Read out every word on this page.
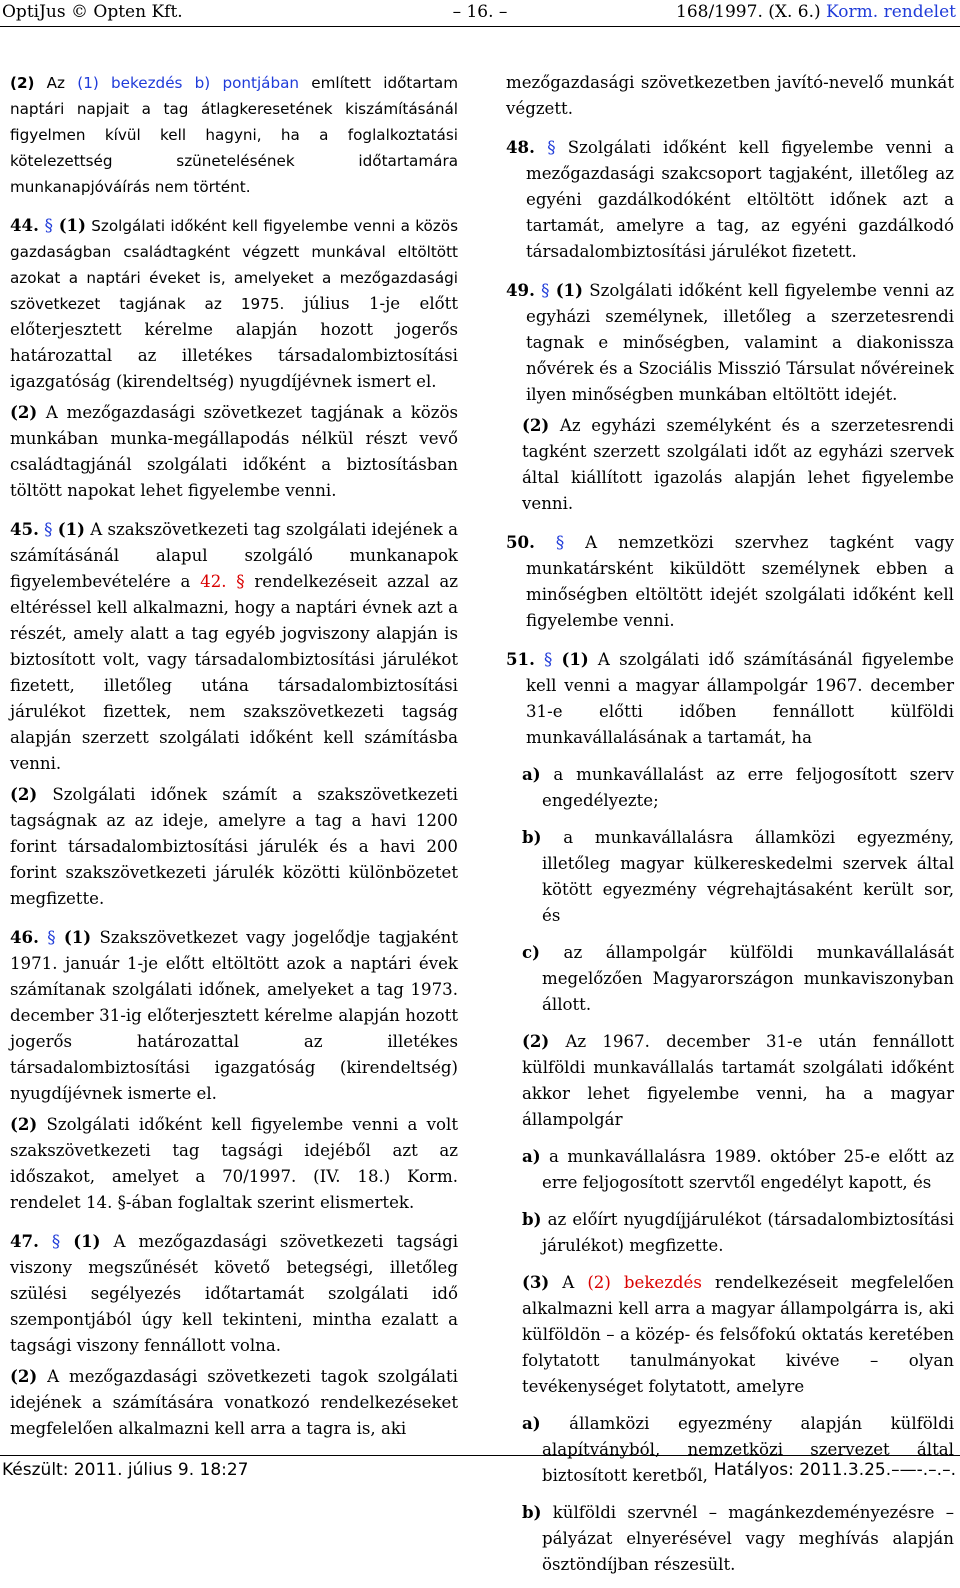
OptiJus © Opten Kft.	– 16. –	168/1997. (X. 6.) Korm. rendelet

(2) Az (1) bekezdés b) pontjában említett időtartam naptári napjait a tag átlagkeresetének kiszámításánál figyelmen kívül kell hagyni, ha a foglalkoztatási kötelezettség szünetelésének időtartamára munkanapjóváírás nem történt.

44. § (1) Szolgálati időként kell figyelembe venni a közös gazdaságban családtagként végzett munkával eltöltött azokat a naptári éveket is, amelyeket a mezőgazdasági szövetkezet tagjának az 1975. július 1-je előtt előterjesztett kérelme alapján hozott jogerős határozattal az illetékes társadalombiztosítási igazgatóság (kirendeltség) nyugdíjévnek ismert el.

(2) A mezőgazdasági szövetkezet tagjának a közös munkában munka-megállapodás nélkül részt vevő családtagjánál szolgálati időként a biztosításban töltött napokat lehet figyelembe venni.

45. § (1) A szakszövetkezeti tag szolgálati idejének a számításánál alapul szolgáló munkanapok figyelembevételére a 42. § rendelkezéseit azzal az eltéréssel kell alkalmazni, hogy a naptári évnek azt a részét, amely alatt a tag egyéb jogviszony alapján is biztosított volt, vagy társadalombiztosítási járulékot fizetett, illetőleg utána társadalombiztosítási járulékot fizettek, nem szakszövetkezeti tagság alapján szerzett szolgálati időként kell számításba venni.

(2) Szolgálati időnek számít a szakszövetkezeti tagságnak az az ideje, amelyre a tag a havi 1200 forint társadalombiztosítási járulék és a havi 200 forint szakszövetkezeti járulék közötti különbözetet megfizette.

46. § (1) Szakszövetkezet vagy jogelődje tagjaként 1971. január 1-je előtt eltöltött azok a naptári évek számítanak szolgálati időnek, amelyeket a tag 1973. december 31-ig előterjesztett kérelme alapján hozott jogerős határozattal az illetékes társadalombiztosítási igazgatóság (kirendeltség) nyugdíjévnek ismerte el.

(2) Szolgálati időként kell figyelembe venni a volt szakszövetkezeti tag tagsági idejéből azt az időszakot, amelyet a 70/1997. (IV. 18.) Korm. rendelet 14. §-ában foglaltak szerint elismertek.

47. § (1) A mezőgazdasági szövetkezeti tagsági viszony megszűnését követő betegségi, illetőleg szülési segélyezés időtartamát szolgálati idő szempontjából úgy kell tekinteni, mintha ezalatt a tagsági viszony fennállott volna.

(2) A mezőgazdasági szövetkezeti tagok szolgálati idejének a számítására vonatkozó rendelkezéseket megfelelően alkalmazni kell arra a tagra is, aki

mezőgazdasági szövetkezetben javító-nevelő munkát végzett.

48. § Szolgálati időként kell figyelembe venni a mezőgazdasági szakcsoport tagjaként, illetőleg az egyéni gazdálkodóként eltöltött időnek azt a tartamát, amelyre a tag, az egyéni gazdálkodó társadalombiztosítási járulékot fizetett.

49. § (1) Szolgálati időként kell figyelembe venni az egyházi személynek, illetőleg a szerzetesrendi tagnak e minőségben, valamint a diakonissza nővérek és a Szociális Misszió Társulat nővéreinek ilyen minőségben munkában eltöltött idejét.

(2) Az egyházi személyként és a szerzetesrendi tagként szerzett szolgálati időt az egyházi szervek által kiállított igazolás alapján lehet figyelembe venni.

50. § A nemzetközi szervhez tagként vagy munkatársként kiküldött személynek ebben a minőségben eltöltött idejét szolgálati időként kell figyelembe venni.

51. § (1) A szolgálati idő számításánál figyelembe kell venni a magyar állampolgár 1967. december 31-e előtti időben fennállott külföldi munkavállalásának a tartamát, ha

a) a munkavállalást az erre feljogosított szerv engedélyezte;

b) a munkavállalásra államközi egyezmény, illetőleg magyar külkereskedelmi szervek által kötött egyezmény végrehajtásaként került sor, és

c) az állampolgár külföldi munkavállalását megelőzően Magyarországon munkaviszonyban állott.

(2) Az 1967. december 31-e után fennállott külföldi munkavállalás tartamát szolgálati időként akkor lehet figyelembe venni, ha a magyar állampolgár

a) a munkavállalásra 1989. október 25-e előtt az erre feljogosított szervtől engedélyt kapott, és

b) az előírt nyugdíjjárulékot (társadalombiztosítási járulékot) megfizette.

(3) A (2) bekezdés rendelkezéseit megfelelően alkalmazni kell arra a magyar állampolgárra is, aki külföldön – a közép- és felsőfokú oktatás keretében folytatott tanulmányokat kivéve – olyan tevékenységet folytatott, amelyre

a) államközi egyezmény alapján külföldi alapítványból, nemzetközi szervezet által biztosított keretből,

b) külföldi szervnél – magánkezdeményezésre – pályázat elnyerésével vagy meghívás alapján ösztöndíjban részesült.

Készült: 2011. július 9. 18:27	Hatályos: 2011.3.25.–—-.–.–.
